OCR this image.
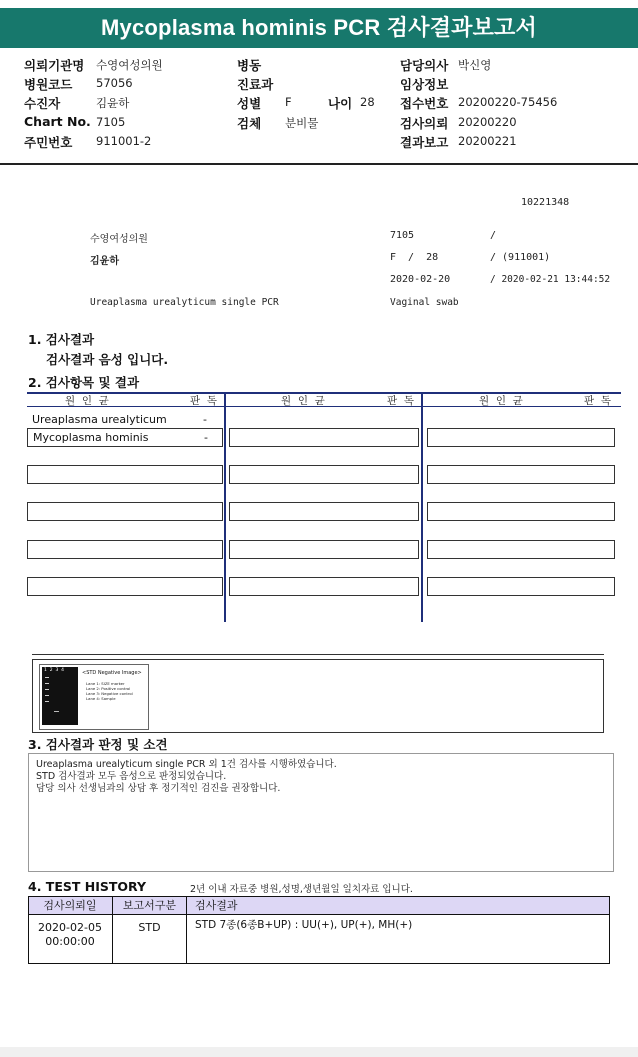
Mycoplasma hominis PCR 검사결과보고서
의뢰기관명 수영여성의원
병원코드 57056
수진자	김윤하
Chart No. 7105
주민번호 911001-2
병동
진료과
성별 F	나이 28
검체 분비물
담당의사 박신영
임상정보
접수번호 20200220-75456
검사의뢰 20200220
결과보고 20200221
10221348
수영여성의원	7105	/
김윤하	F  /  28	/ (911001)
2020-02-20	/ 2020-02-21 13:44:52
Ureaplasma urealyticum single PCR	Vaginal swab
1. 검사결과
검사결과 음성 입니다.
2. 검사항목 및 결과
원  인  균	판  독	원  인  균	판  독	원  인  균	판  독
Ureaplasma urealyticum	-
Mycoplasma hominis	-
1  2  3  4	<STD Negative Image>
Lane 1: SIZE marker
Lane 2: Positive control
Lane 3: Negative control
Lane 4: Sample
3. 검사결과 판정 및 소견
Ureaplasma urealyticum single PCR 외 1건 검사를 시행하였습니다.
STD 검사결과 모두 음성으로 판정되었습니다.
담당 의사 선생님과의 상담 후 정기적인 검진을 권장합니다.
4. TEST HISTORY	2년 이내 자료중 병원,성명,생년월일 일치자료 입니다.
검사의뢰일	보고서구분	검사결과
2020-02-05
00:00:00
STD	STD 7종(6종B+UP) : UU(+), UP(+), MH(+)
